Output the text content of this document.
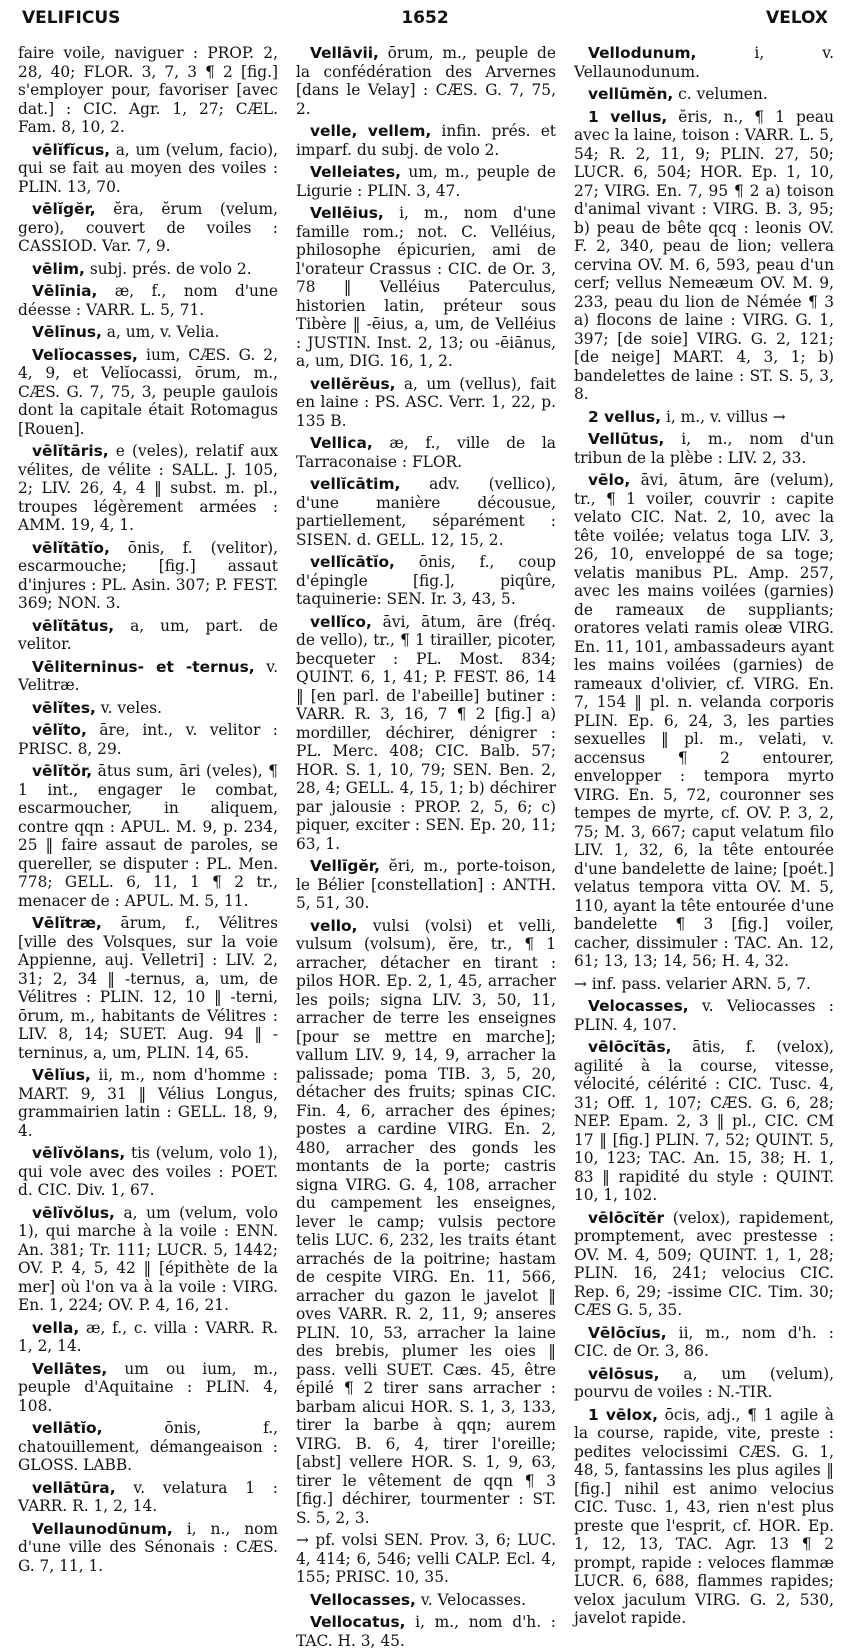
VELIFICUS	1652	VELOX

faire voile, naviguer : PROP. 2, 28, 40; FLOR. 3, 7, 3 ¶ 2 [fig.] s'employer pour, favoriser [avec dat.] : CIC. Agr. 1, 27; CÆL. Fam. 8, 10, 2.

vēlĭfĭcus, a, um (velum, facio), qui se fait au moyen des voiles : PLIN. 13, 70.

vēlĭgĕr, ĕra, ĕrum (velum, gero), couvert de voiles : CASSIOD. Var. 7, 9.

vēlim, subj. prés. de volo 2.

Vēlīnia, æ, f., nom d'une déesse : VARR. L. 5, 71.

Vēlīnus, a, um, v. Velia.

Velĭocasses, ium, CÆS. G. 2, 4, 9, et Velĭocassi, ōrum, m., CÆS. G. 7, 75, 3, peuple gaulois dont la capitale était Rotomagus [Rouen].

vēlĭtāris, e (veles), relatif aux vélites, de vélite : SALL. J. 105, 2; LIV. 26, 4, 4 ‖ subst. m. pl., troupes légèrement armées : AMM. 19, 4, 1.

vēlĭtātĭo, ōnis, f. (velitor), escarmouche; [fig.] assaut d'injures : PL. Asin. 307; P. FEST. 369; NON. 3.

vēlĭtātus, a, um, part. de velitor.

Vēliterninus- et -ternus, v. Velitræ.

vēlĭtes, v. veles.

vēlĭto, āre, int., v. velitor : PRISC. 8, 29.

vēlĭtŏr, ātus sum, āri (veles), ¶ 1 int., engager le combat, escarmoucher, in aliquem, contre qqn : APUL. M. 9, p. 234, 25 ‖ faire assaut de paroles, se quereller, se disputer : PL. Men. 778; GELL. 6, 11, 1 ¶ 2 tr., menacer de : APUL. M. 5, 11.

Vēlĭtræ, ārum, f., Vélitres [ville des Volsques, sur la voie Appienne, auj. Velletri] : LIV. 2, 31; 2, 34 ‖ -ternus, a, um, de Vélitres : PLIN. 12, 10 ‖ -terni, ōrum, m., habitants de Vélitres : LIV. 8, 14; SUET. Aug. 94 ‖ -terninus, a, um, PLIN. 14, 65.

Vēlĭus, ii, m., nom d'homme : MART. 9, 31 ‖ Vélius Longus, grammairien latin : GELL. 18, 9, 4.

vēlĭvŏlans, tis (velum, volo 1), qui vole avec des voiles : POET. d. CIC. Div. 1, 67.

vēlĭvŏlus, a, um (velum, volo 1), qui marche à la voile : ENN. An. 381; Tr. 111; LUCR. 5, 1442; OV. P. 4, 5, 42 ‖ [épithète de la mer] où l'on va à la voile : VIRG. En. 1, 224; OV. P. 4, 16, 21.

vella, æ, f., c. villa : VARR. R. 1, 2, 14.

Vellātes, um ou ium, m., peuple d'Aquitaine : PLIN. 4, 108.

vellātĭo,	ōnis, f., chatouillement, démangeaison : GLOSS. LABB.

vellātūra, v. velatura 1 : VARR. R. 1, 2, 14.

Vellaunodūnum, i, n., nom d'une ville des Sénonais : CÆS. G. 7, 11, 1.

Vellāvii, ōrum, m., peuple de la confédération des Arvernes [dans le Velay] : CÆS. G. 7, 75, 2.

velle, vellem, infin. prés. et imparf. du subj. de volo 2.

Velleiates, um, m., peuple de Ligurie : PLIN. 3, 47.

Vellēius, i, m., nom d'une famille rom.; not. C. Velléius, philosophe épicurien, ami de l'orateur Crassus : CIC. de Or. 3, 78 ‖ Velléius Paterculus, historien latin, préteur sous Tibère ‖ -ēius, a, um, de Velléius : JUSTIN. Inst. 2, 13; ou -ēiānus, a, um, DIG. 16, 1, 2.

vellĕrĕus, a, um (vellus), fait en laine : PS. ASC. Verr. 1, 22, p. 135 B.

Vellica, æ, f., ville de la Tarraconaise : FLOR.

vellĭcātim, adv. (vellico), d'une manière décousue, partiellement, séparément : SISEN. d. GELL. 12, 15, 2.

vellĭcātĭo, ōnis, f., coup d'épingle [fig.], piqûre, taquinerie: SEN. Ir. 3, 43, 5.

vellĭco, āvi, ātum, āre (fréq. de vello), tr., ¶ 1 tirailler, picoter, becqueter : PL. Most. 834; QUINT. 6, 1, 41; P. FEST. 86, 14 ‖ [en parl. de l'abeille] butiner : VARR. R. 3, 16, 7 ¶ 2 [fig.] a) mordiller, déchirer, dénigrer : PL. Merc. 408; CIC. Balb. 57; HOR. S. 1, 10, 79; SEN. Ben. 2, 28, 4; GELL. 4, 15, 1; b) déchirer par jalousie : PROP. 2, 5, 6; c) piquer, exciter : SEN. Ep. 20, 11; 63, 1.

Vellīgĕr, ĕri, m., porte-toison, le Bélier [constellation] : ANTH. 5, 51, 30.

vello, vulsi (volsi) et velli, vulsum (volsum), ĕre, tr., ¶ 1 arracher, détacher en tirant : pilos HOR. Ep. 2, 1, 45, arracher les poils; signa LIV. 3, 50, 11, arracher de terre les enseignes [pour se mettre en marche]; vallum LIV. 9, 14, 9, arracher la palissade; poma TIB. 3, 5, 20, détacher des fruits; spinas CIC. Fin. 4, 6, arracher des épines; postes a cardine VIRG. En. 2, 480, arracher des gonds les montants de la porte; castris signa VIRG. G. 4, 108, arracher du campement les enseignes, lever le camp; vulsis pectore telis LUC. 6, 232, les traits étant arrachés de la poitrine; hastam de cespite VIRG. En. 11, 566, arracher du gazon le javelot ‖ oves VARR. R. 2, 11, 9; anseres PLIN. 10, 53, arracher la laine des brebis, plumer les oies ‖ pass. velli SUET. Cæs. 45, être épilé ¶ 2 tirer sans arracher : barbam alicui HOR. S. 1, 3, 133, tirer la barbe à qqn; aurem VIRG. B. 6, 4, tirer l'oreille; [abst] vellere HOR. S. 1, 9, 63, tirer le vêtement de qqn ¶ 3 [fig.] déchirer, tourmenter : ST. S. 5, 2, 3.

→ pf. volsi SEN. Prov. 3, 6; LUC. 4, 414; 6, 546; velli CALP. Ecl. 4, 155; PRISC. 10, 35.

Vellocasses, v. Velocasses.

Vellocatus, i, m., nom d'h. : TAC. H. 3, 45.

Vellodunum,	i, v. Vellaunodunum.

vellūmĕn, c. velumen.

1 vellus, ĕris, n., ¶ 1 peau avec la laine, toison : VARR. L. 5, 54; R. 2, 11, 9; PLIN. 27, 50; LUCR. 6, 504; HOR. Ep. 1, 10, 27; VIRG. En. 7, 95 ¶ 2 a) toison d'animal vivant : VIRG. B. 3, 95; b) peau de bête qcq : leonis OV. F. 2, 340, peau de lion; vellera cervina OV. M. 6, 593, peau d'un cerf; vellus Nemeæum OV. M. 9, 233, peau du lion de Némée ¶ 3 a) flocons de laine : VIRG. G. 1, 397; [de soie] VIRG. G. 2, 121; [de neige] MART. 4, 3, 1; b) bandelettes de laine : ST. S. 5, 3, 8.

2 vellus, i, m., v. villus →

Vellūtus, i, m., nom d'un tribun de la plèbe : LIV. 2, 33.

vēlo, āvi, ātum, āre (velum), tr., ¶ 1 voiler, couvrir : capite velato CIC. Nat. 2, 10, avec la tête voilée; velatus toga LIV. 3, 26, 10, enveloppé de sa toge; velatis manibus PL. Amp. 257, avec les mains voilées (garnies) de rameaux de suppliants; oratores velati ramis oleæ VIRG. En. 11, 101, ambassadeurs ayant les mains voilées (garnies) de rameaux d'olivier, cf. VIRG. En. 7, 154 ‖ pl. n. velanda corporis PLIN. Ep. 6, 24, 3, les parties sexuelles ‖ pl. m., velati, v. accensus ¶ 2 entourer, envelopper : tempora myrto VIRG. En. 5, 72, couronner ses tempes de myrte, cf. OV. P. 3, 2, 75; M. 3, 667; caput velatum filo LIV. 1, 32, 6, la tête entourée d'une bandelette de laine; [poét.] velatus tempora vitta OV. M. 5, 110, ayant la tête entourée d'une bandelette ¶ 3 [fig.] voiler, cacher, dissimuler : TAC. An. 12, 61; 13, 13; 14, 56; H. 4, 32.

→ inf. pass. velarier ARN. 5, 7.

Velocasses, v. Veliocasses : PLIN. 4, 107.

vēlōcĭtās, ātis, f. (velox), agilité à la course, vitesse, vélocité, célérité : CIC. Tusc. 4, 31; Off. 1, 107; CÆS. G. 6, 28; NEP. Epam. 2, 3 ‖ pl., CIC. CM 17 ‖ [fig.] PLIN. 7, 52; QUINT. 5, 10, 123; TAC. An. 15, 38; H. 1, 83 ‖ rapidité du style : QUINT. 10, 1, 102.

vēlōcĭtĕr (velox), rapidement, promptement, avec prestesse : OV. M. 4, 509; QUINT. 1, 1, 28; PLIN. 16, 241; velocius CIC. Rep. 6, 29; -issime CIC. Tim. 30; CÆS G. 5, 35.

Vēlōcĭus, ii, m., nom d'h. : CIC. de Or. 3, 86.

vēlōsus, a, um (velum), pourvu de voiles : N.-TIR.

1 vēlox, ōcis, adj., ¶ 1 agile à la course, rapide, vite, preste : pedites velocissimi CÆS. G. 1, 48, 5, fantassins les plus agiles ‖ [fig.] nihil est animo velocius CIC. Tusc. 1, 43, rien n'est plus preste que l'esprit, cf. HOR. Ep. 1, 12, 13, TAC. Agr. 13 ¶ 2 prompt, rapide : veloces flammæ LUCR. 6, 688, flammes rapides; velox jaculum VIRG. G. 2, 530, javelot rapide.
